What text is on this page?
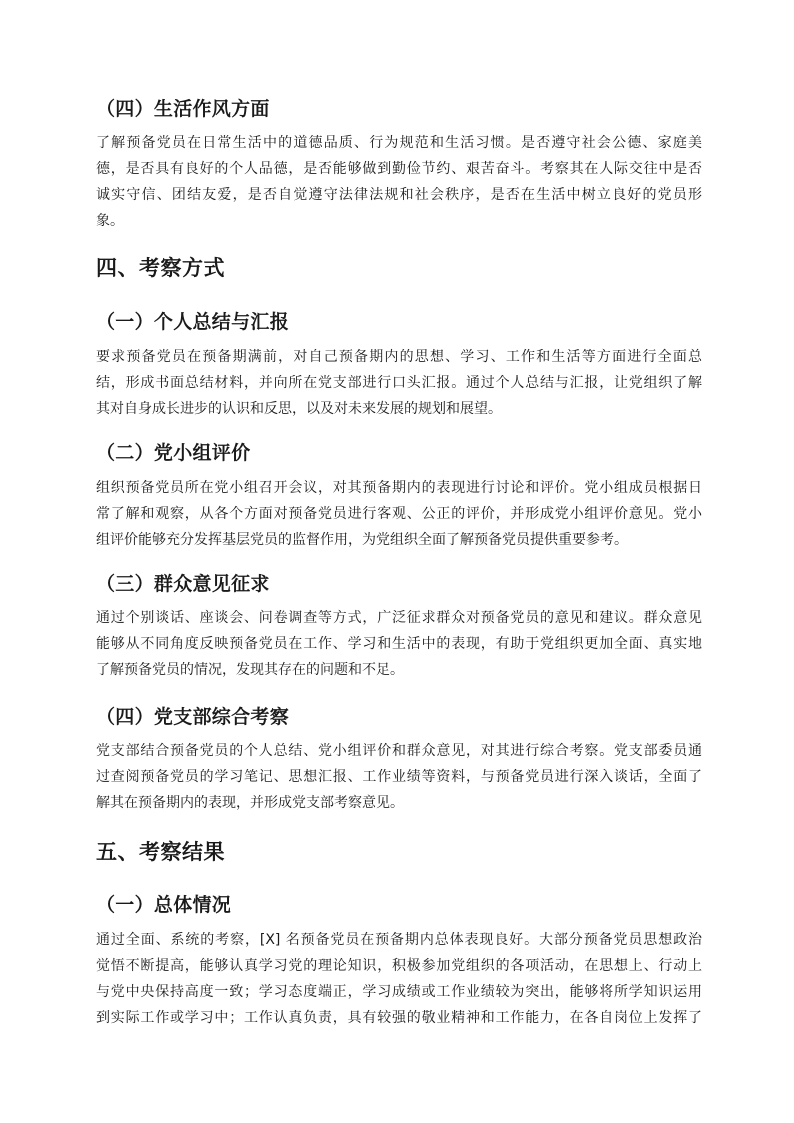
（四）生活作风方面
了解预备党员在日常生活中的道德品质、行为规范和生活习惯。是否遵守社会公德、家庭美
德，是否具有良好的个人品德，是否能够做到勤俭节约、艰苦奋斗。考察其在人际交往中是否
诚实守信、团结友爱，是否自觉遵守法律法规和社会秩序，是否在生活中树立良好的党员形
象。
四、考察方式
（一）个人总结与汇报
要求预备党员在预备期满前，对自己预备期内的思想、学习、工作和生活等方面进行全面总
结，形成书面总结材料，并向所在党支部进行口头汇报。通过个人总结与汇报，让党组织了解
其对自身成长进步的认识和反思，以及对未来发展的规划和展望。
（二）党小组评价
组织预备党员所在党小组召开会议，对其预备期内的表现进行讨论和评价。党小组成员根据日
常了解和观察，从各个方面对预备党员进行客观、公正的评价，并形成党小组评价意见。党小
组评价能够充分发挥基层党员的监督作用，为党组织全面了解预备党员提供重要参考。
（三）群众意见征求
通过个别谈话、座谈会、问卷调查等方式，广泛征求群众对预备党员的意见和建议。群众意见
能够从不同角度反映预备党员在工作、学习和生活中的表现，有助于党组织更加全面、真实地
了解预备党员的情况，发现其存在的问题和不足。
（四）党支部综合考察
党支部结合预备党员的个人总结、党小组评价和群众意见，对其进行综合考察。党支部委员通
过查阅预备党员的学习笔记、思想汇报、工作业绩等资料，与预备党员进行深入谈话，全面了
解其在预备期内的表现，并形成党支部考察意见。
五、考察结果
（一）总体情况
通过全面、系统的考察，[X] 名预备党员在预备期内总体表现良好。大部分预备党员思想政治
觉悟不断提高，能够认真学习党的理论知识，积极参加党组织的各项活动，在思想上、行动上
与党中央保持高度一致；学习态度端正，学习成绩或工作业绩较为突出，能够将所学知识运用
到实际工作或学习中；工作认真负责，具有较强的敬业精神和工作能力，在各自岗位上发挥了
